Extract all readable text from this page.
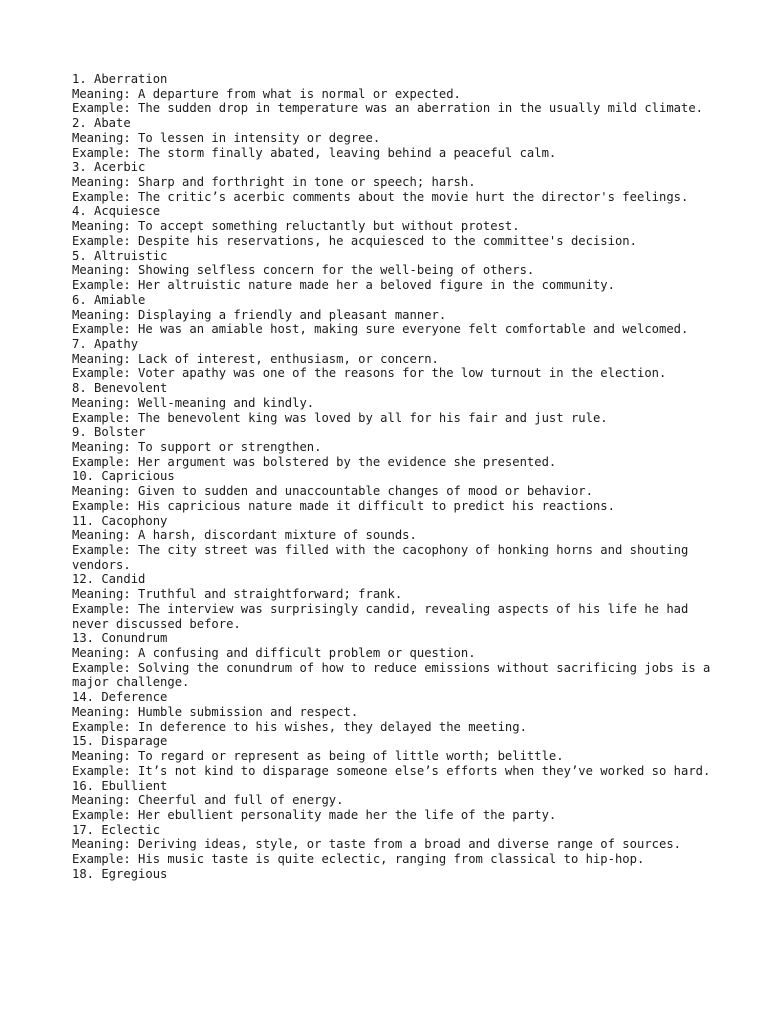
1. Aberration
Meaning: A departure from what is normal or expected.
Example: The sudden drop in temperature was an aberration in the usually mild climate.
2. Abate
Meaning: To lessen in intensity or degree.
Example: The storm finally abated, leaving behind a peaceful calm.
3. Acerbic
Meaning: Sharp and forthright in tone or speech; harsh.
Example: The critic’s acerbic comments about the movie hurt the director's feelings.
4. Acquiesce
Meaning: To accept something reluctantly but without protest.
Example: Despite his reservations, he acquiesced to the committee's decision.
5. Altruistic
Meaning: Showing selfless concern for the well-being of others.
Example: Her altruistic nature made her a beloved figure in the community.
6. Amiable
Meaning: Displaying a friendly and pleasant manner.
Example: He was an amiable host, making sure everyone felt comfortable and welcomed.
7. Apathy
Meaning: Lack of interest, enthusiasm, or concern.
Example: Voter apathy was one of the reasons for the low turnout in the election.
8. Benevolent
Meaning: Well-meaning and kindly.
Example: The benevolent king was loved by all for his fair and just rule.
9. Bolster
Meaning: To support or strengthen.
Example: Her argument was bolstered by the evidence she presented.
10. Capricious
Meaning: Given to sudden and unaccountable changes of mood or behavior.
Example: His capricious nature made it difficult to predict his reactions.
11. Cacophony
Meaning: A harsh, discordant mixture of sounds.
Example: The city street was filled with the cacophony of honking horns and shouting vendors.
12. Candid
Meaning: Truthful and straightforward; frank.
Example: The interview was surprisingly candid, revealing aspects of his life he had never discussed before.
13. Conundrum
Meaning: A confusing and difficult problem or question.
Example: Solving the conundrum of how to reduce emissions without sacrificing jobs is a major challenge.
14. Deference
Meaning: Humble submission and respect.
Example: In deference to his wishes, they delayed the meeting.
15. Disparage
Meaning: To regard or represent as being of little worth; belittle.
Example: It’s not kind to disparage someone else’s efforts when they’ve worked so hard.
16. Ebullient
Meaning: Cheerful and full of energy.
Example: Her ebullient personality made her the life of the party.
17. Eclectic
Meaning: Deriving ideas, style, or taste from a broad and diverse range of sources.
Example: His music taste is quite eclectic, ranging from classical to hip-hop.
18. Egregious
